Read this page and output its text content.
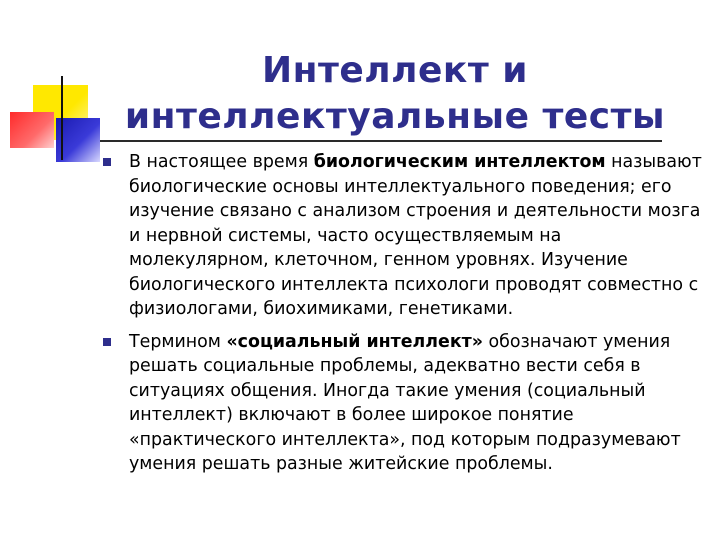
Интеллект и интеллектуальные тесты
В настоящее время биологическим интеллектом называют биологические основы интеллектуального поведения; его изучение связано с анализом строения и деятельности мозга и нервной системы, часто осуществляемым на молекулярном, клеточном, генном уровнях. Изучение биологического интеллекта психологи проводят совместно с физиологами, биохимиками, генетиками.
Термином «социальный интеллект» обозначают умения решать социальные проблемы, адекватно вести себя в ситуациях общения. Иногда такие умения (социальный интеллект) включают в более широкое понятие «практического интеллекта», под которым подразумевают умения решать разные житейские проблемы.
